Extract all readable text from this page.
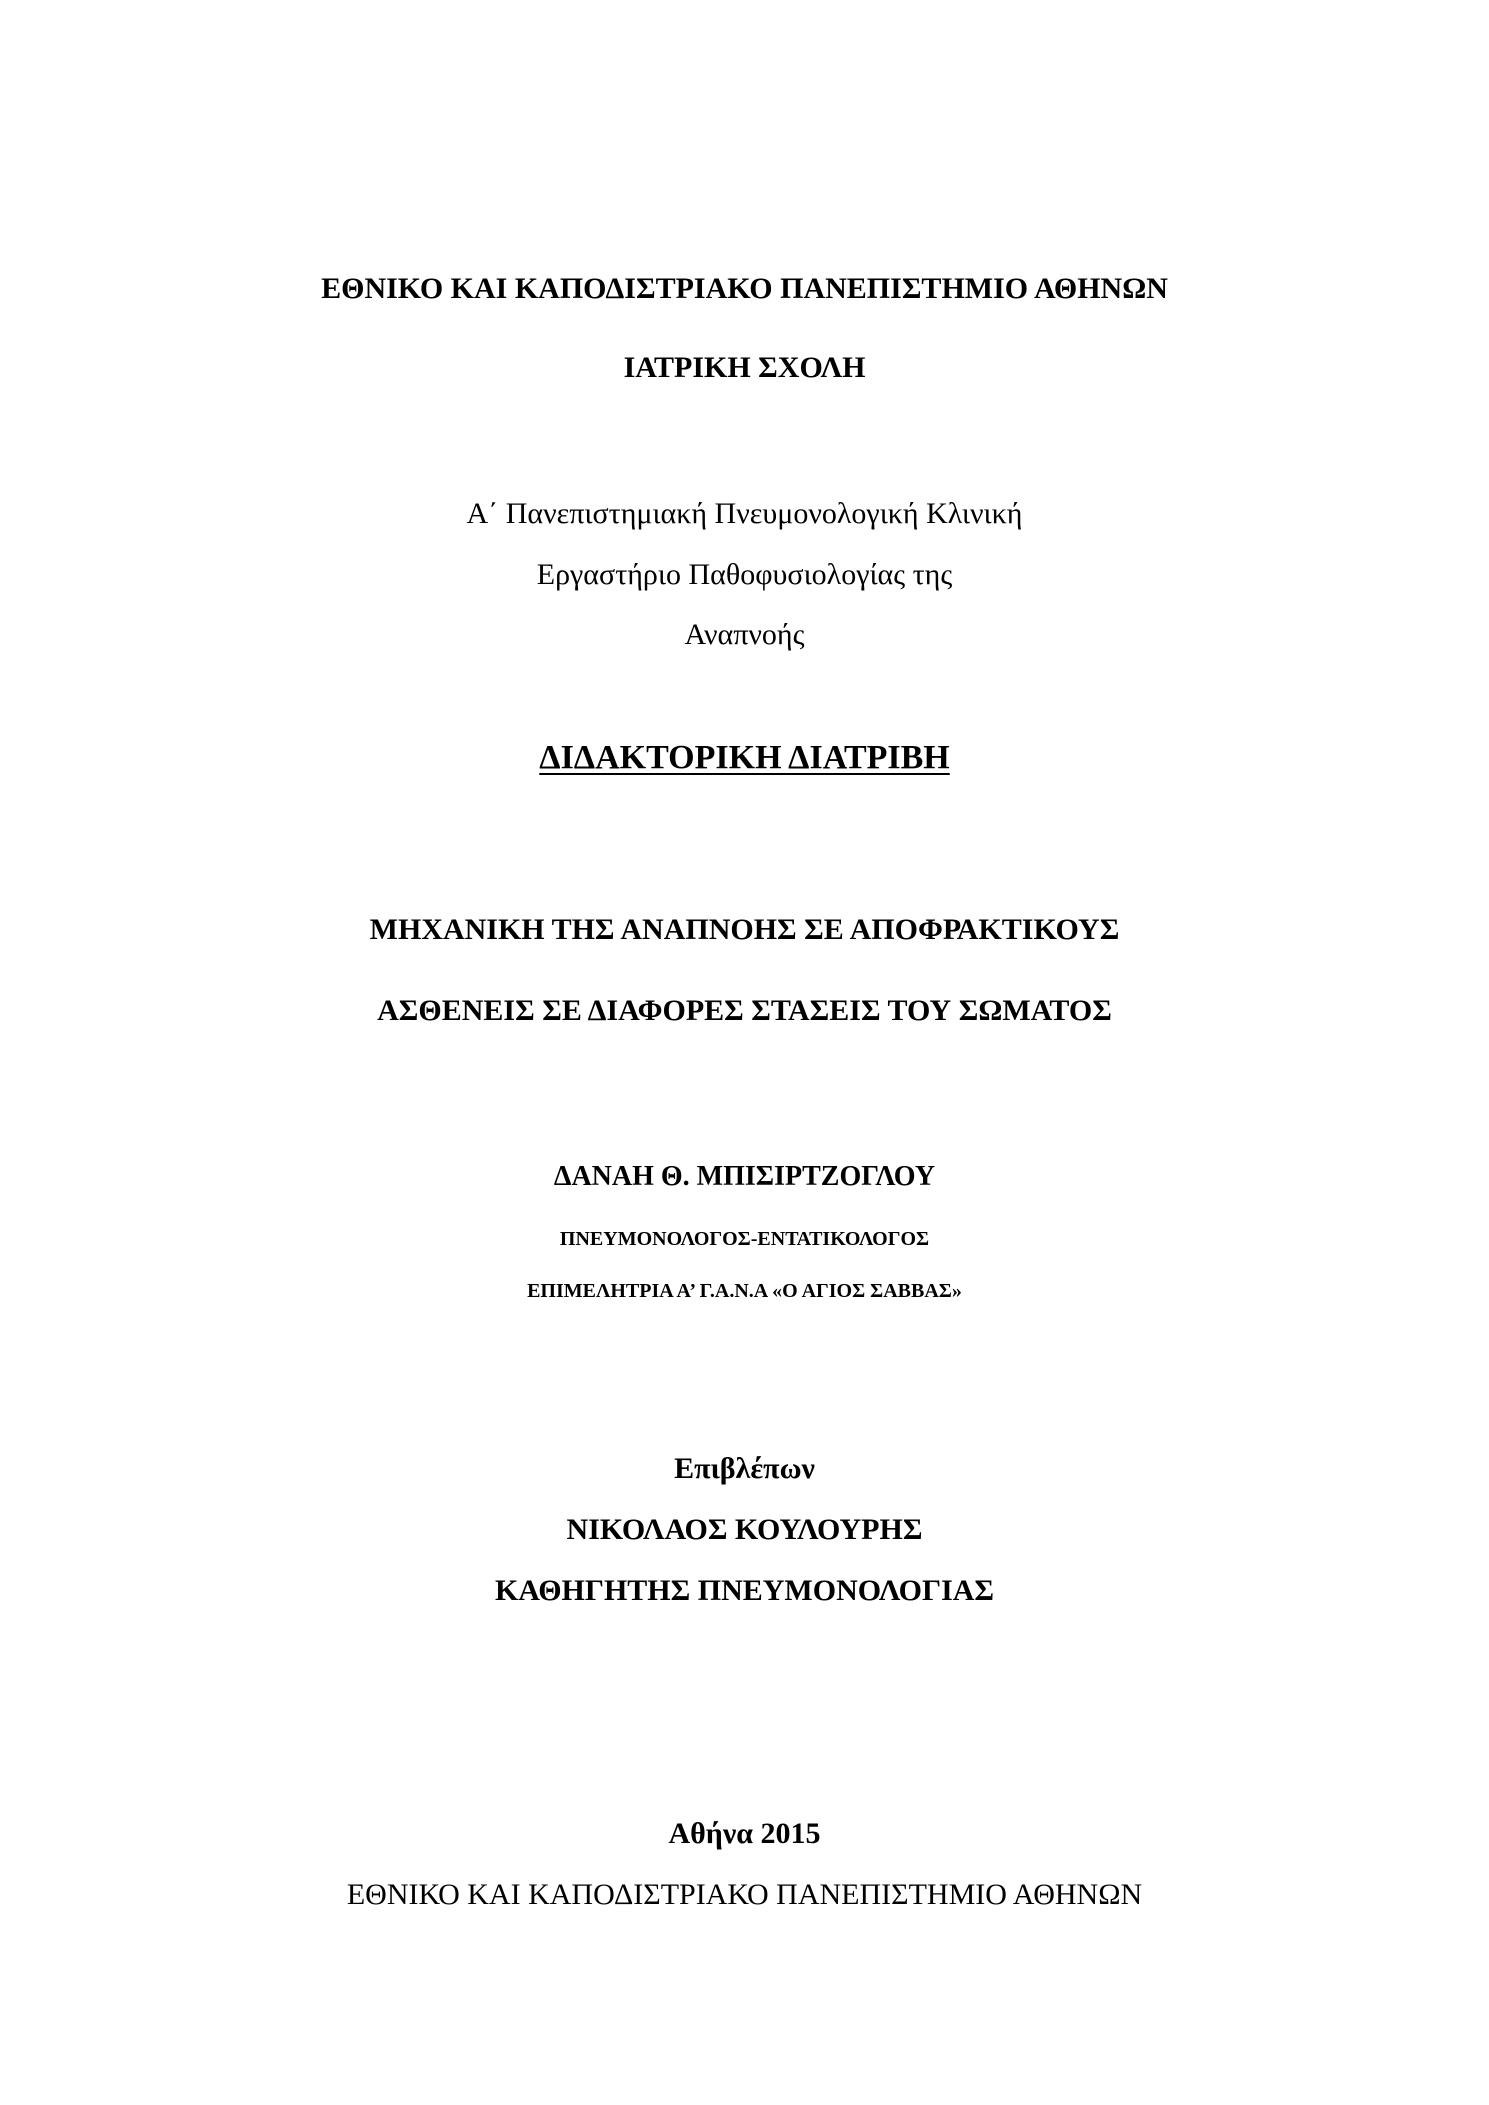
ΕΘΝΙΚΟ ΚΑΙ ΚΑΠΟΔΙΣΤΡΙΑΚΟ ΠΑΝΕΠΙΣΤΗΜΙΟ ΑΘΗΝΩΝ
ΙΑΤΡΙΚΗ ΣΧΟΛΗ
Α΄ Πανεπιστημιακή Πνευμονολογική Κλινική
Εργαστήριο Παθοφυσιολογίας της
Αναπνοής
ΔΙΔΑΚΤΟΡΙΚΗ ΔΙΑΤΡΙΒΗ
ΜΗΧΑΝΙΚΗ ΤΗΣ ΑΝΑΠΝΟΗΣ ΣΕ ΑΠΟΦΡΑΚΤΙΚΟΥΣ
ΑΣΘΕΝΕΙΣ ΣΕ ΔΙΑΦΟΡΕΣ ΣΤΑΣΕΙΣ ΤΟΥ ΣΩΜΑΤΟΣ
ΔΑΝΑΗ Θ. ΜΠΙΣΙΡΤΖΟΓΛΟΥ
ΠΝΕΥΜΟΝΟΛΟΓΟΣ-ΕΝΤΑΤΙΚΟΛΟΓΟΣ
ΕΠΙΜΕΛΗΤΡΙΑ Α’ Γ.Α.Ν.Α «Ο ΑΓΙΟΣ ΣΑΒΒΑΣ»
Επιβλέπων
ΝΙΚΟΛΑΟΣ ΚΟΥΛΟΥΡΗΣ
ΚΑΘΗΓΗΤΗΣ ΠΝΕΥΜΟΝΟΛΟΓΙΑΣ
Αθήνα 2015
ΕΘΝΙΚΟ ΚΑΙ ΚΑΠΟΔΙΣΤΡΙΑΚΟ ΠΑΝΕΠΙΣΤΗΜΙΟ ΑΘΗΝΩΝ
